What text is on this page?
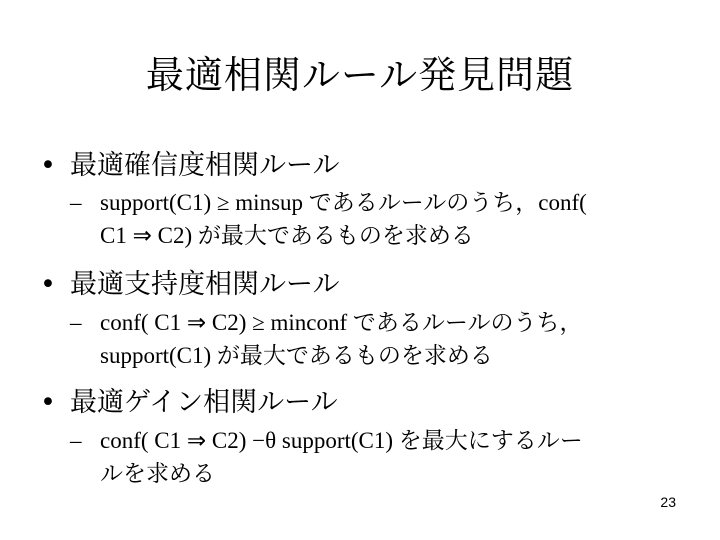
最適相関ルール発見問題
• 最適確信度相関ルール
– support(C1) ≥ minsup であるルールのうち，conf(
C1 ⇒ C2) が最大であるものを求める
• 最適支持度相関ルール
– conf( C1 ⇒ C2) ≥ minconf であるルールのうち，
support(C1) が最大であるものを求める
• 最適ゲイン相関ルール
– conf( C1 ⇒ C2) −θ support(C1) を最大にするルー
ルを求める
23
